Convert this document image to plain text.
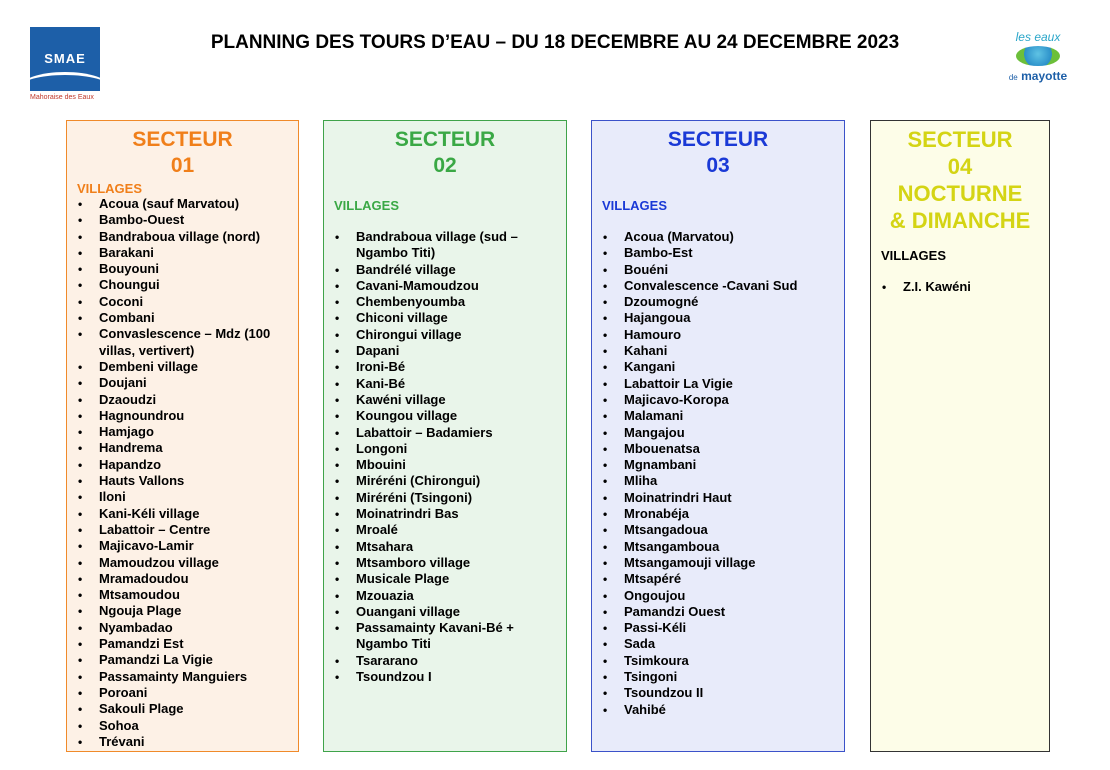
SMAE
Mahoraise des Eaux
PLANNING DES TOURS D’EAU – DU 18 DECEMBRE AU 24 DECEMBRE 2023	les eaux
de mayotte
SECTEUR
01
VILLAGES
• Acoua (sauf Marvatou)
• Bambo-Ouest
• Bandraboua village (nord)
• Barakani
• Bouyouni
• Choungui
• Coconi
• Combani
• Convaslescence – Mdz (100 villas, vertivert)
• Dembeni village
• Doujani
• Dzaoudzi
• Hagnoundrou
• Hamjago
• Handrema
• Hapandzo
• Hauts Vallons
• Iloni
• Kani-Kéli village
• Labattoir – Centre
• Majicavo-Lamir
• Mamoudzou village
• Mramadoudou
• Mtsamoudou
• Ngouja Plage
• Nyambadao
• Pamandzi Est
• Pamandzi La Vigie
• Passamainty Manguiers
• Poroani
• Sakouli Plage
• Sohoa
• Trévani
SECTEUR
02
VILLAGES
• Bandraboua village (sud – Ngambo Titi)
• Bandrélé village
• Cavani-Mamoudzou
• Chembenyoumba
• Chiconi village
• Chirongui village
• Dapani
• Ironi-Bé
• Kani-Bé
• Kawéni village
• Koungou village
• Labattoir – Badamiers
• Longoni
• Mbouini
• Miréréni (Chirongui)
• Miréréni (Tsingoni)
• Moinatrindri Bas
• Mroalé
• Mtsahara
• Mtsamboro village
• Musicale Plage
• Mzouazia
• Ouangani village
• Passamainty Kavani-Bé + Ngambo Titi
• Tsararano
• Tsoundzou I
SECTEUR
03
VILLAGES
• Acoua (Marvatou)
• Bambo-Est
• Bouéni
• Convalescence -Cavani Sud
• Dzoumogné
• Hajangoua
• Hamouro
• Kahani
• Kangani
• Labattoir La Vigie
• Majicavo-Koropa
• Malamani
• Mangajou
• Mbouenatsa
• Mgnambani
• Mliha
• Moinatrindri Haut
• Mronabéja
• Mtsangadoua
• Mtsangamboua
• Mtsangamouji village
• Mtsapéré
• Ongoujou
• Pamandzi Ouest
• Passi-Kéli
• Sada
• Tsimkoura
• Tsingoni
• Tsoundzou II
• Vahibé
SECTEUR
04
NOCTURNE
& DIMANCHE
VILLAGES
• Z.I. Kawéni
